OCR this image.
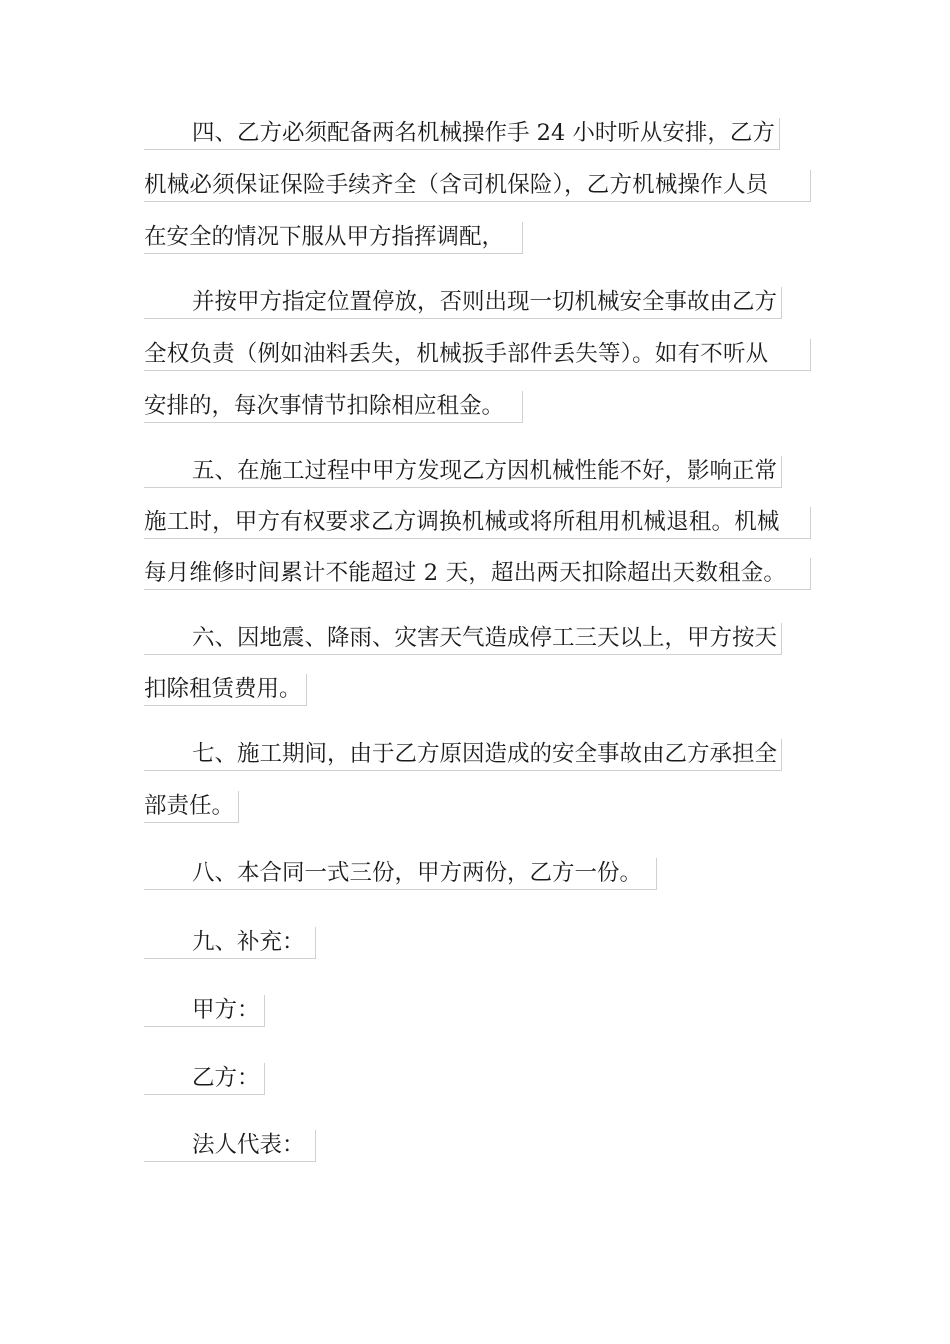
四、乙方必须配备两名机械操作手 24 小时听从安排，乙方
机械必须保证保险手续齐全（含司机保险），乙方机械操作人员
在安全的情况下服从甲方指挥调配，
并按甲方指定位置停放，否则出现一切机械安全事故由乙方
全权负责（例如油料丢失，机械扳手部件丢失等）。如有不听从
安排的，每次事情节扣除相应租金。
五、在施工过程中甲方发现乙方因机械性能不好，影响正常
施工时，甲方有权要求乙方调换机械或将所租用机械退租。机械
每月维修时间累计不能超过 2 天，超出两天扣除超出天数租金。
六、因地震、降雨、灾害天气造成停工三天以上，甲方按天
扣除租赁费用。
七、施工期间，由于乙方原因造成的安全事故由乙方承担全
部责任。
八、本合同一式三份，甲方两份，乙方一份。
九、补充：
甲方：
乙方：
法人代表：
